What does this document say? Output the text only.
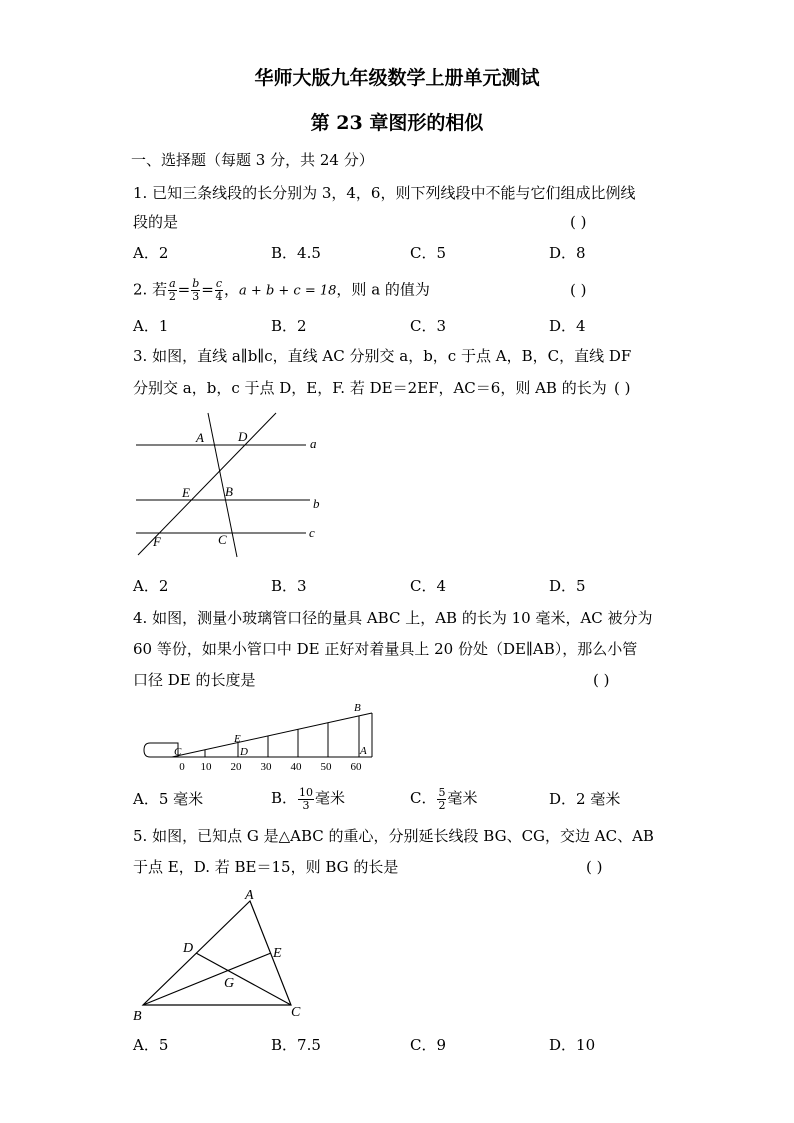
华师大版九年级数学上册单元测试
第 23 章图形的相似
一、选择题（每题 3 分，共 24 分）
1. 已知三条线段的长分别为 3，4，6，则下列线段中不能与它们组成比例线
段的是	( )
A．2	B．4.5	C．5	D．8
2. 若 $\frac{a}{2} = \frac{b}{3} = \frac{c}{4}$ ，a + b + c = 18，则 a 的值为	( )
A．1	B．2	C．3	D．4
3. 如图，直线 a∥b∥c，直线 AC 分别交 a，b，c 于点 A，B，C，直线 DF
分别交 a，b，c 于点 D，E，F. 若 DE＝2EF，AC＝6，则 AB 的长为 ( )
A	D	a
E	B
b
F	C	c
A．2	B．3	C．4	D．5
4. 如图，测量小玻璃管口径的量具 ABC 上，AB 的长为 10 毫米，AC 被分为
60 等份，如果小管口中 DE 正好对着量具上 20 份处（DE∥AB），那么小管
口径 DE 的长度是	( )
B
E
C	D	A
0 10 20 30 40 50 60
A．5 毫米	B． $\frac{10}{3}$ 毫米	C． $\frac{5}{2}$ 毫米	D．2 毫米
5. 如图，已知点 G 是△ABC 的重心，分别延长线段 BG、CG，交边 AC、AB
于点 E，D. 若 BE＝15，则 BG 的长是	( )
A
D	E
G
B	C
A．5	B．7.5	C．9	D．10
